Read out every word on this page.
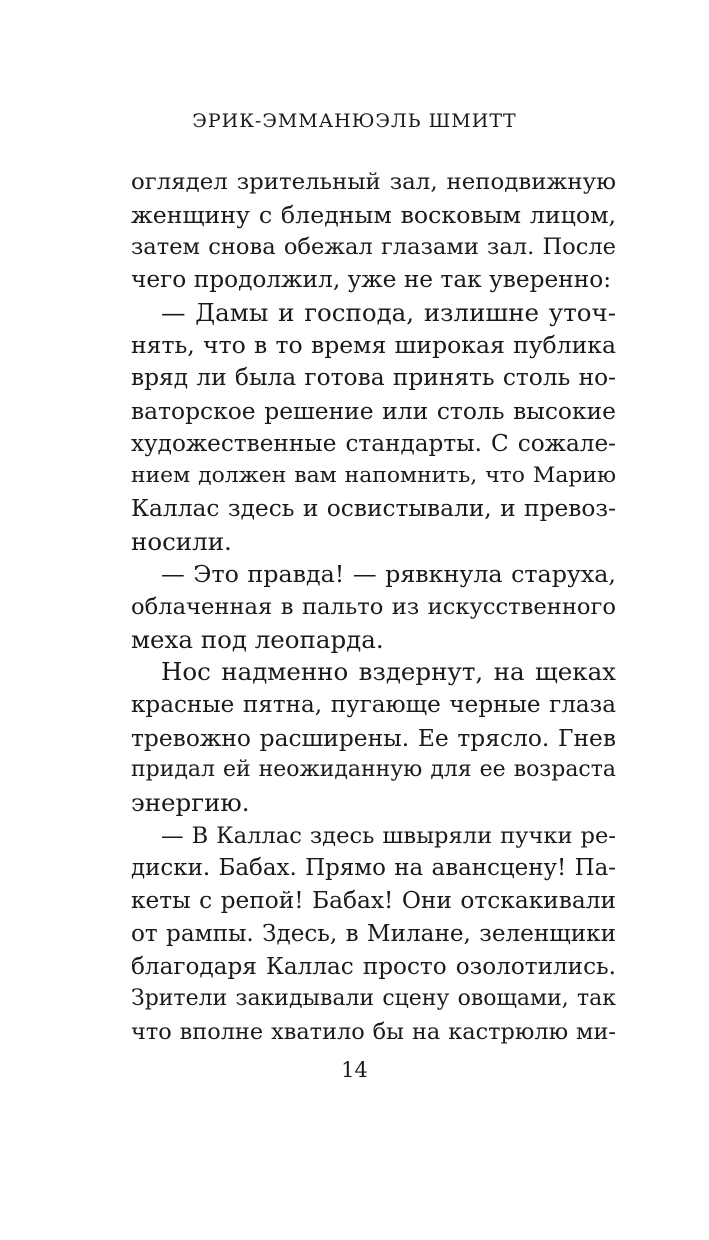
ЭРИК-ЭММАНЮЭЛЬ ШМИТТ
оглядел зрительный зал, неподвижную
женщину с бледным восковым лицом,
затем снова обежал глазами зал. После
чего продолжил, уже не так уверенно:
— Дамы и господа, излишне уточ-
нять, что в то время широкая публика
вряд ли была готова принять столь но-
ваторское решение или столь высокие
художественные стандарты. С сожале-
нием должен вам напомнить, что Марию
Каллас здесь и освистывали, и превоз-
носили.
— Это правда! — рявкнула старуха,
облаченная в пальто из искусственного
меха под леопарда.
Нос надменно вздернут, на щеках
красные пятна, пугающе черные глаза
тревожно расширены. Ее трясло. Гнев
придал ей неожиданную для ее возраста
энергию.
— В Каллас здесь швыряли пучки ре-
диски. Бабах. Прямо на авансцену! Па-
кеты с репой! Бабах! Они отскакивали
от рампы. Здесь, в Милане, зеленщики
благодаря Каллас просто озолотились.
Зрители закидывали сцену овощами, так
что вполне хватило бы на кастрюлю ми-
14
